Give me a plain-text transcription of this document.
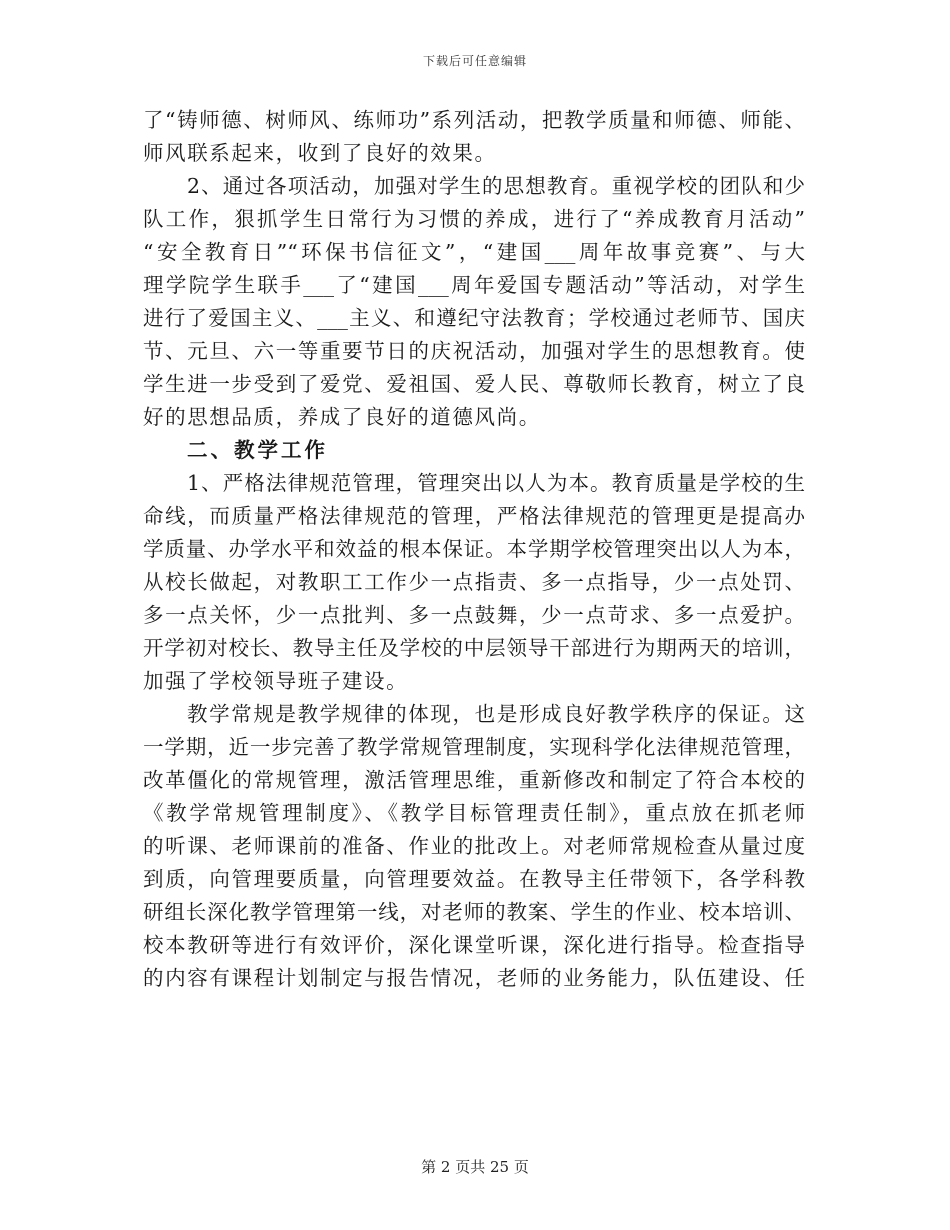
下载后可任意编辑
了“铸师德、树师风、练师功”系列活动，把教学质量和师德、师能、
师风联系起来，收到了良好的效果。
2、通过各项活动，加强对学生的思想教育。重视学校的团队和少
队工作，狠抓学生日常行为习惯的养成，进行了“养成教育月活动”
“安全教育日”“环保书信征文”，“建国___周年故事竞赛”、与大
理学院学生联手___了“建国___周年爱国专题活动”等活动，对学生
进行了爱国主义、___主义、和遵纪守法教育；学校通过老师节、国庆
节、元旦、六一等重要节日的庆祝活动，加强对学生的思想教育。使
学生进一步受到了爱党、爱祖国、爱人民、尊敬师长教育，树立了良
好的思想品质，养成了良好的道德风尚。
二、教学工作
1、严格法律规范管理，管理突出以人为本。教育质量是学校的生
命线，而质量严格法律规范的管理，严格法律规范的管理更是提高办
学质量、办学水平和效益的根本保证。本学期学校管理突出以人为本，
从校长做起，对教职工工作少一点指责、多一点指导，少一点处罚、
多一点关怀，少一点批判、多一点鼓舞，少一点苛求、多一点爱护。
开学初对校长、教导主任及学校的中层领导干部进行为期两天的培训，
加强了学校领导班子建设。
教学常规是教学规律的体现，也是形成良好教学秩序的保证。这
一学期，近一步完善了教学常规管理制度，实现科学化法律规范管理，
改革僵化的常规管理，激活管理思维，重新修改和制定了符合本校的
《教学常规管理制度》、《教学目标管理责任制》，重点放在抓老师
的听课、老师课前的准备、作业的批改上。对老师常规检查从量过度
到质，向管理要质量，向管理要效益。在教导主任带领下，各学科教
研组长深化教学管理第一线，对老师的教案、学生的作业、校本培训、
校本教研等进行有效评价，深化课堂听课，深化进行指导。检查指导
的内容有课程计划制定与报告情况，老师的业务能力，队伍建设、任
第 2 页共 25 页
